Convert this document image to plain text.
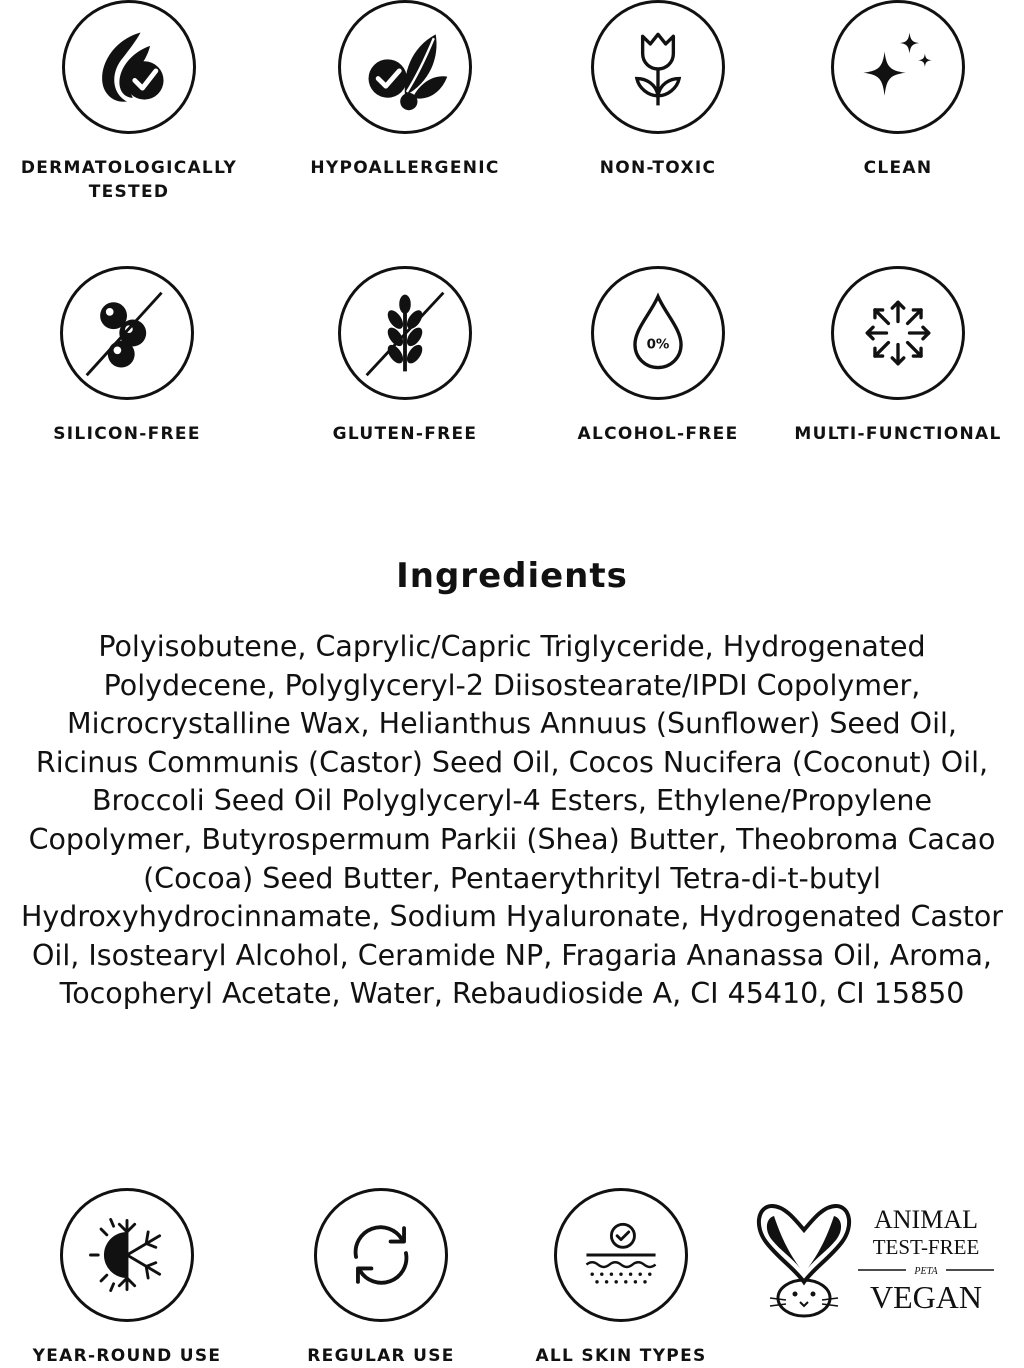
DERMATOLOGICALLY
TESTED
HYPOALLERGENIC	NON-TOXIC	CLEAN
SILICON-FREE	GLUTEN-FREE
0%
ALCOHOL-FREE	MULTI-FUNCTIONAL
Ingredients

Polyisobutene, Caprylic/Capric Triglyceride, Hydrogenated Polydecene, Polyglyceryl-2 Diisostearate/IPDI Copolymer, Microcrystalline Wax, Helianthus Annuus (Sunflower) Seed Oil, Ricinus Communis (Castor) Seed Oil, Cocos Nucifera (Coconut) Oil, Broccoli Seed Oil Polyglyceryl-4 Esters, Ethylene/Propylene Copolymer, Butyrospermum Parkii (Shea) Butter, Theobroma Cacao (Cocoa) Seed Butter, Pentaerythrityl Tetra-di-t-butyl Hydroxyhydrocinnamate, Sodium Hyaluronate, Hydrogenated Castor Oil, Isostearyl Alcohol, Ceramide NP, Fragaria Ananassa Oil, Aroma, Tocopheryl Acetate, Water, Rebaudioside A, CI 45410, CI 15850

YEAR-ROUND USE	REGULAR USE	ALL SKIN TYPES
ANIMAL
TEST-FREE
PETA
VEGAN
